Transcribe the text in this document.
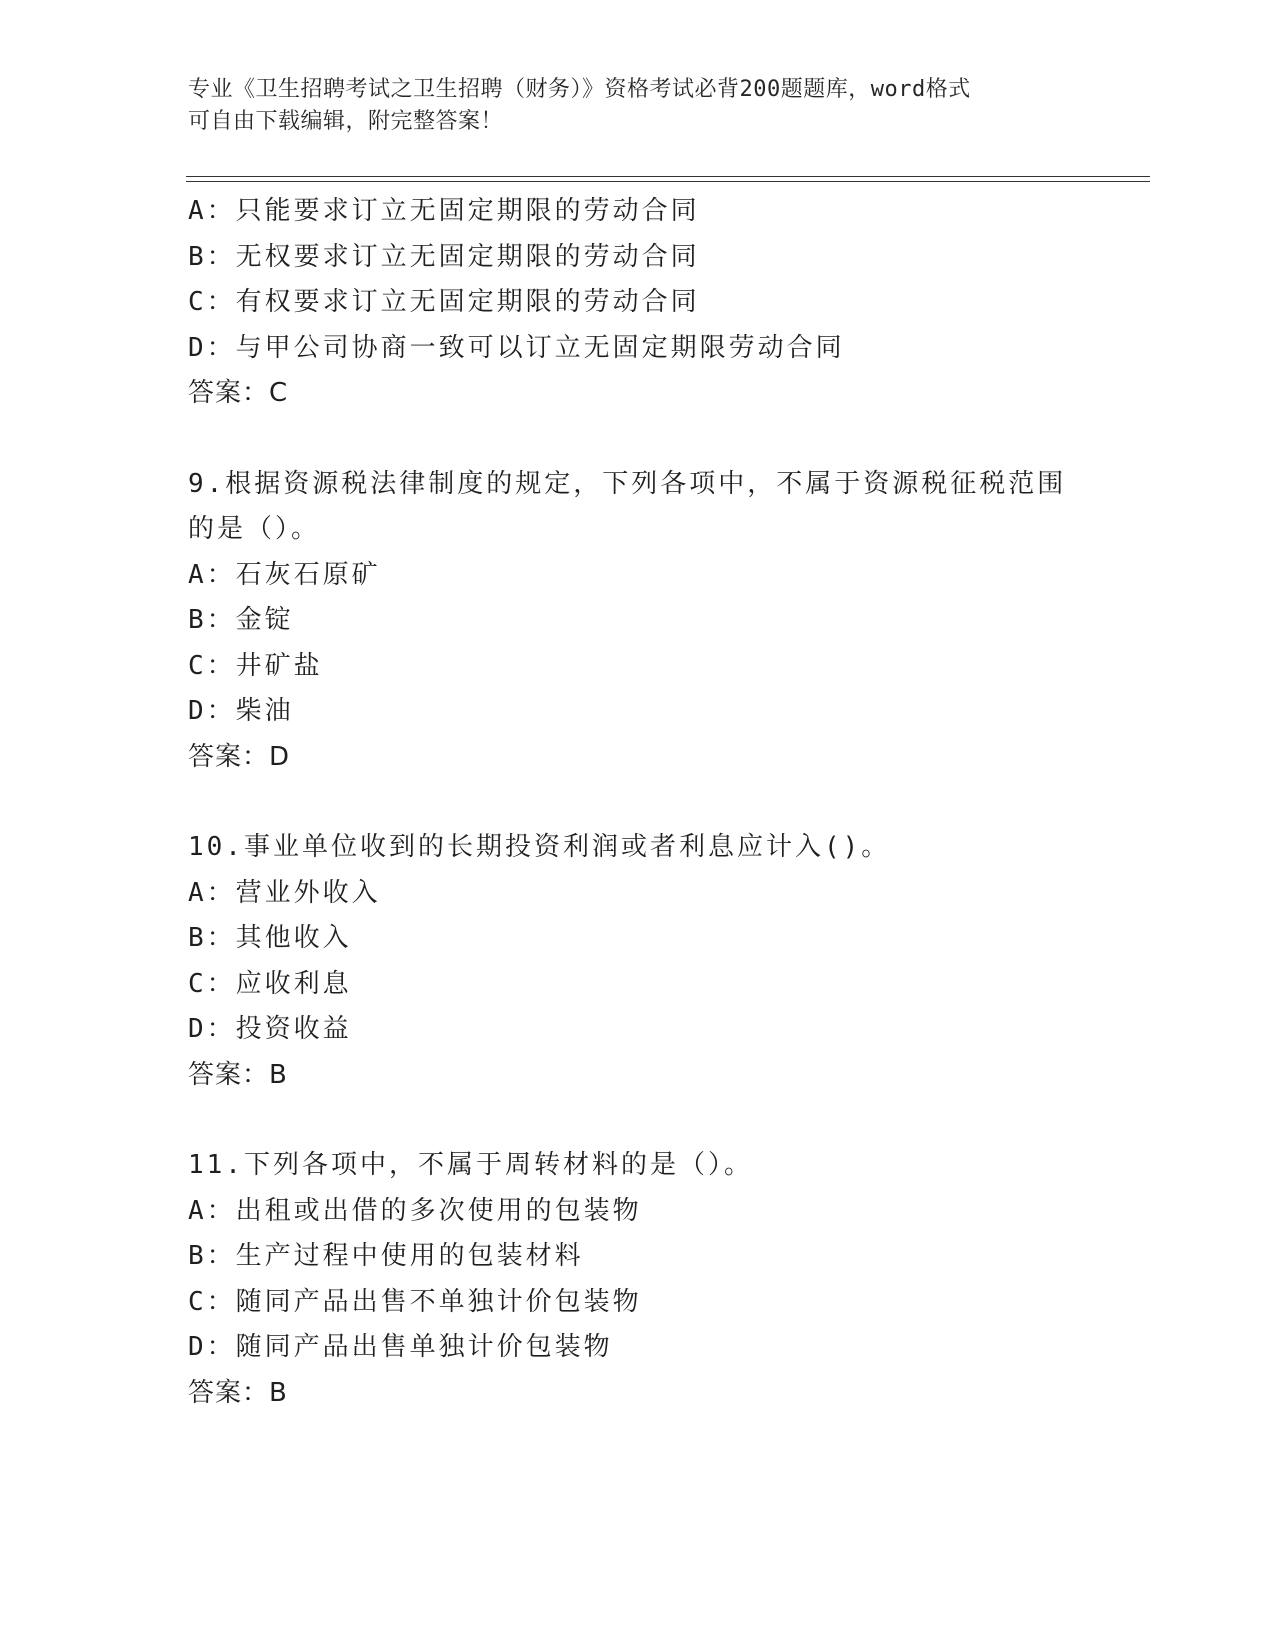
专业《卫生招聘考试之卫生招聘（财务）》资格考试必背200题题库，word格式
可自由下载编辑，附完整答案！
A：只能要求订立无固定期限的劳动合同
B：无权要求订立无固定期限的劳动合同
C：有权要求订立无固定期限的劳动合同
D：与甲公司协商一致可以订立无固定期限劳动合同
答案：C
9.根据资源税法律制度的规定，下列各项中，不属于资源税征税范围
的是（）。
A：石灰石原矿
B：金锭
C：井矿盐
D：柴油
答案：D
10.事业单位收到的长期投资利润或者利息应计入()。
A：营业外收入
B：其他收入
C：应收利息
D：投资收益
答案：B
11.下列各项中，不属于周转材料的是（）。
A：出租或出借的多次使用的包装物
B：生产过程中使用的包装材料
C：随同产品出售不单独计价包装物
D：随同产品出售单独计价包装物
答案：B
